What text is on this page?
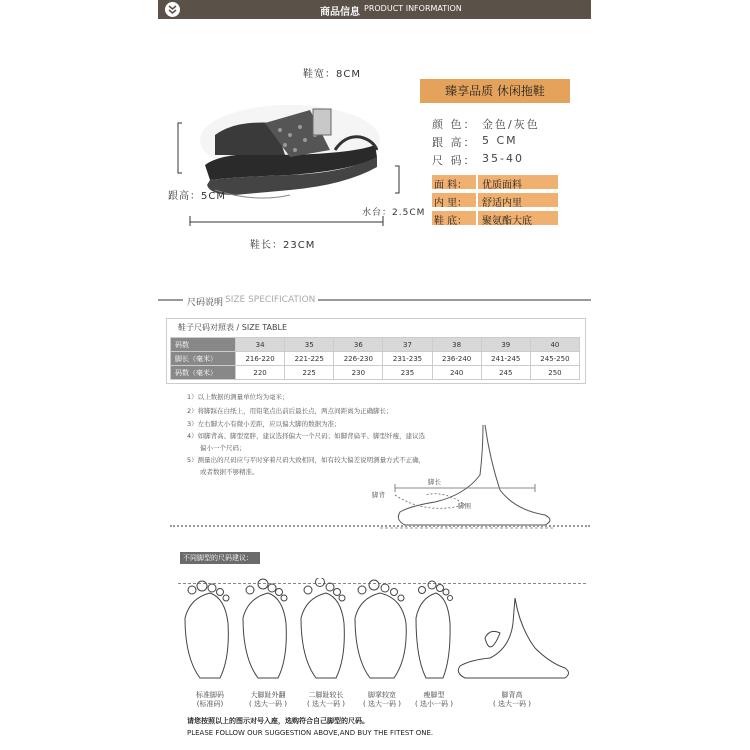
商品信息 PRODUCT INFORMATION
鞋宽：8CM
跟高：5CM
水台：2.5CM
鞋长：23CM
臻享品质 休闲拖鞋
颜 色： 金色/灰色
跟 高： 5 CM
尺 码： 35-40
面 料： 优质面料
内 里： 舒适内里
鞋 底： 聚氨酯大底
尺码说明 SIZE SPECIFICATION
鞋子尺码对照表 / SIZE TABLE
码数	34	35	36	37	38	39	40
脚长（毫米）	216-220	221-225	226-230	231-235	236-240	241-245	245-250
码数（毫米）	220	225	230	235	240	245	250
1）以上数据的测量单位均为毫米；
2）将脚踩在白纸上，用铅笔点出前后最长点，两点间距离为正确脚长；
3）左右脚大小有微小差距，应以偏大脚的数据为准；
4）如脚背高、脚型宽胖，建议选择偏大一个尺码；如脚背扁平、脚型纤瘦，建议选
偏小一个尺码；
5）测量出的尺码应与平时穿着尺码大致相同，如有较大偏差说明测量方式不正确，
或者数据不够精准。
脚长
脚围
脚背
不同脚型的尺码建议：
标准脚码
(标准码)
大脚趾外翻
( 选大一码 )
二脚趾较长
( 选大一码 )
脚掌较宽
( 选大一码 )
瘦脚型
( 选小一码 )
脚背高
( 选大一码 )
请您按照以上的图示对号入座，选购符合自己脚型的尺码。
PLEASE FOLLOW OUR SUGGESTION ABOVE,AND BUY THE FITEST ONE.
